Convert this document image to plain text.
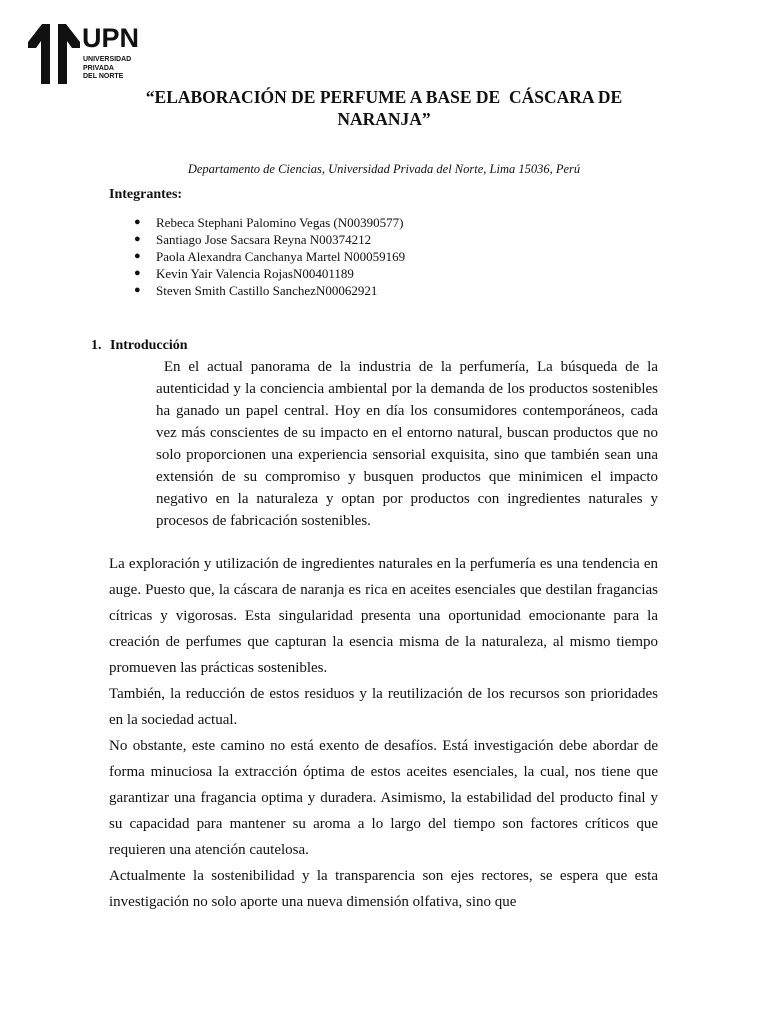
UPN
UNIVERSIDAD
PRIVADA
DEL NORTE
“ELABORACIÓN DE PERFUME A BASE DE  CÁSCARA DE
NARANJA”
Departamento de Ciencias, Universidad Privada del Norte, Lima 15036, Perú
Integrantes:
● Rebeca Stephani Palomino Vegas (N00390577)
● Santiago Jose Sacsara Reyna N00374212
● Paola Alexandra Canchanya Martel N00059169
● Kevin Yair Valencia RojasN00401189
● Steven Smith Castillo SanchezN00062921
1. Introducción
En el actual panorama de la industria de la perfumería, La búsqueda de la autenticidad y la conciencia ambiental por la demanda de los productos sostenibles ha ganado un papel central. Hoy en día los consumidores contemporáneos, cada vez más conscientes de su impacto en el entorno natural, buscan productos que no solo proporcionen una experiencia sensorial exquisita, sino que también sean una extensión de su compromiso y busquen productos que minimicen el impacto negativo en la naturaleza y optan por productos con ingredientes naturales y procesos de fabricación sostenibles.

La exploración y utilización de ingredientes naturales en la perfumería es una tendencia en auge. Puesto que, la cáscara de naranja es rica en aceites esenciales que destilan fragancias cítricas y vigorosas. Esta singularidad presenta una oportunidad emocionante para la creación de perfumes que capturan la esencia misma de la naturaleza, al mismo tiempo promueven las prácticas sostenibles.

También, la reducción de estos residuos y la reutilización de los recursos son prioridades en la sociedad actual.

No obstante, este camino no está exento de desafíos. Está investigación debe abordar de forma minuciosa la extracción óptima de estos aceites esenciales, la cual, nos tiene que garantizar una fragancia optima y duradera. Asimismo, la estabilidad del producto final y su capacidad para mantener su aroma a lo largo del tiempo son factores críticos que requieren una atención cautelosa.

Actualmente la sostenibilidad y la transparencia son ejes rectores, se espera que esta investigación no solo aporte una nueva dimensión olfativa, sino que
